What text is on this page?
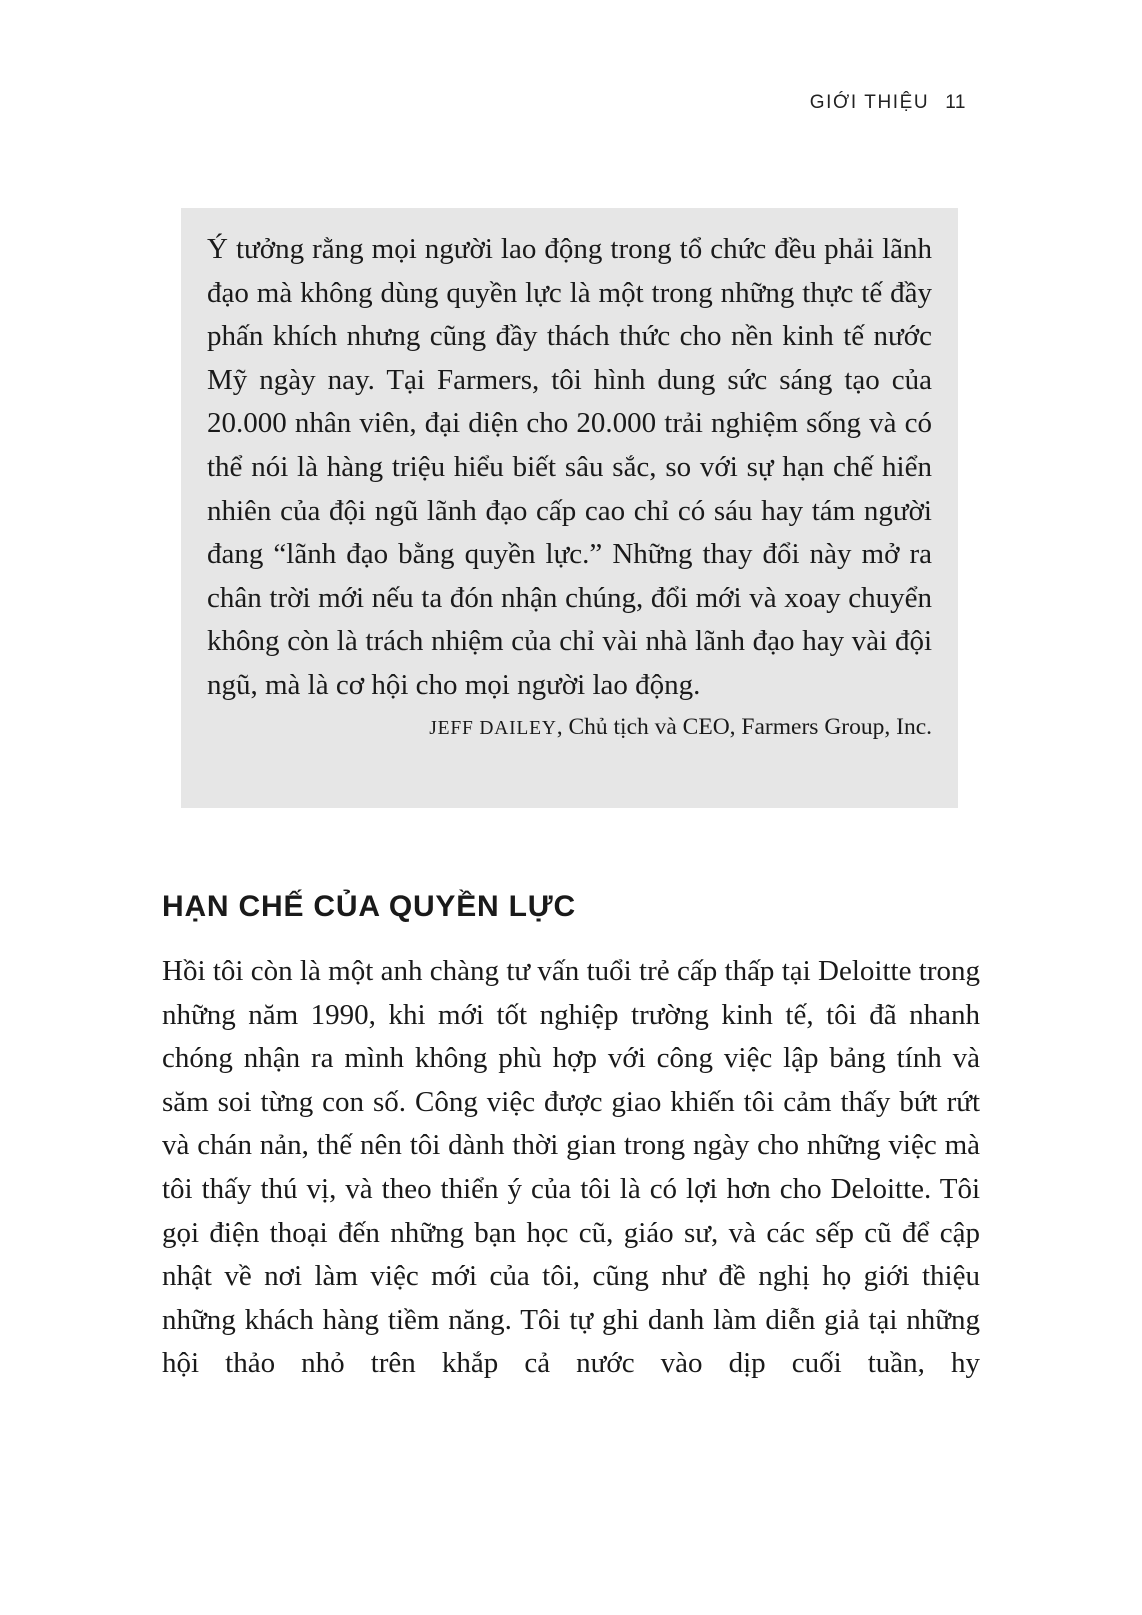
GIỚI THIỆU 11

Ý tưởng rằng mọi người lao động trong tổ chức đều phải lãnh đạo mà không dùng quyền lực là một trong những thực tế đầy phấn khích nhưng cũng đầy thách thức cho nền kinh tế nước Mỹ ngày nay. Tại Farmers, tôi hình dung sức sáng tạo của 20.000 nhân viên, đại diện cho 20.000 trải nghiệm sống và có thể nói là hàng triệu hiểu biết sâu sắc, so với sự hạn chế hiển nhiên của đội ngũ lãnh đạo cấp cao chỉ có sáu hay tám người đang “lãnh đạo bằng quyền lực.” Những thay đổi này mở ra chân trời mới nếu ta đón nhận chúng, đổi mới và xoay chuyển không còn là trách nhiệm của chỉ vài nhà lãnh đạo hay vài đội ngũ, mà là cơ hội cho mọi người lao động.

JEFF DAILEY, Chủ tịch và CEO, Farmers Group, Inc.

HẠN CHẾ CỦA QUYỀN LỰC

Hồi tôi còn là một anh chàng tư vấn tuổi trẻ cấp thấp tại Deloitte trong những năm 1990, khi mới tốt nghiệp trường kinh tế, tôi đã nhanh chóng nhận ra mình không phù hợp với công việc lập bảng tính và săm soi từng con số. Công việc được giao khiến tôi cảm thấy bứt rứt và chán nản, thế nên tôi dành thời gian trong ngày cho những việc mà tôi thấy thú vị, và theo thiển ý của tôi là có lợi hơn cho Deloitte. Tôi gọi điện thoại đến những bạn học cũ, giáo sư, và các sếp cũ để cập nhật về nơi làm việc mới của tôi, cũng như đề nghị họ giới thiệu những khách hàng tiềm năng. Tôi tự ghi danh làm diễn giả tại những hội thảo nhỏ trên khắp cả nước vào dịp cuối tuần, hy
